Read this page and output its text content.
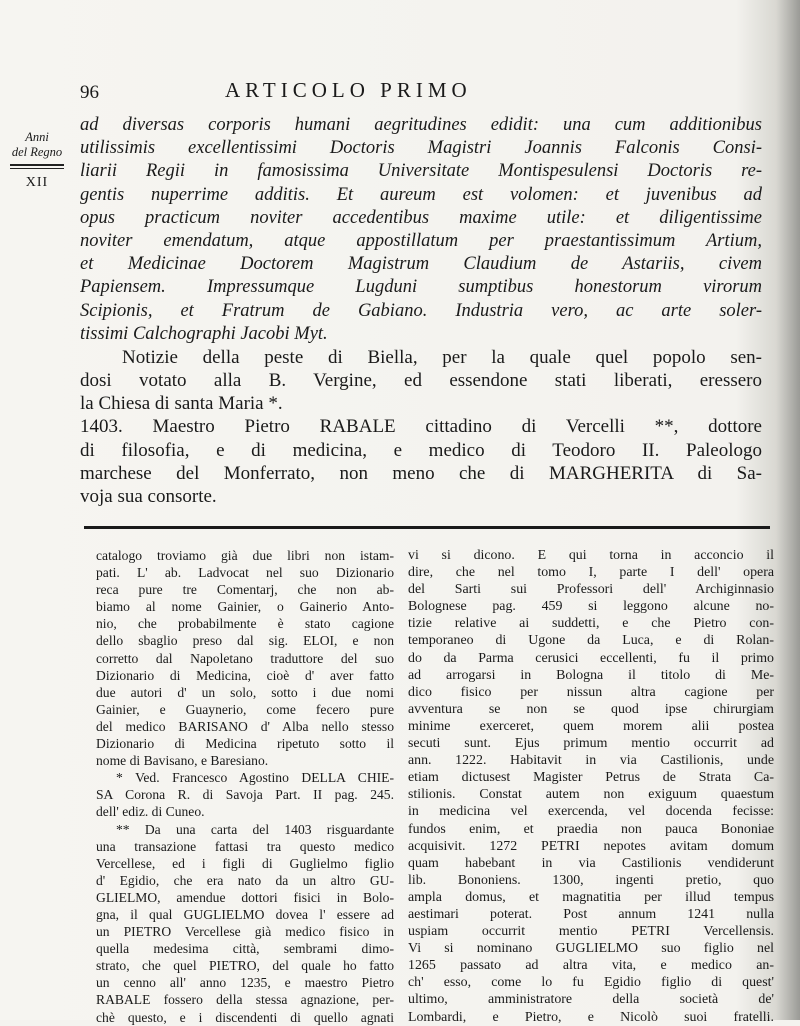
96	ARTICOLO PRIMO
Anni
del Regno
XII
ad diversas corporis humani aegritudines edidit: una cum additionibus
utilissimis excellentissimi Doctoris Magistri Joannis Falconis Consi-
liarii Regii in famosissima Universitate Montispesulensi Doctoris re-
gentis nuperrime additis. Et aureum est volomen: et juvenibus ad
opus practicum noviter accedentibus maxime utile: et diligentissime
noviter emendatum, atque appostillatum per praestantissimum Artium,
et Medicinae Doctorem Magistrum Claudium de Astariis, civem
Papiensem. Impressumque Lugduni sumptibus honestorum virorum
Scipionis, et Fratrum de Gabiano. Industria vero, ac arte soler-
tissimi Calchographi Jacobi Myt.
Notizie della peste di Biella, per la quale quel popolo sen-
dosi votato alla B. Vergine, ed essendone stati liberati, eressero
la Chiesa di santa Maria *.
1403. Maestro Pietro RABALE cittadino di Vercelli **, dottore
di filosofia, e di medicina, e medico di Teodoro II. Paleologo
marchese del Monferrato, non meno che di MARGHERITA di Sa-
voja sua consorte.
catalogo troviamo già due libri non istam-
pati. L' ab. Ladvocat nel suo Dizionario
reca pure tre Comentarj, che non ab-
biamo al nome Gainier, o Gainerio Anto-
nio, che probabilmente è stato cagione
dello sbaglio preso dal sig. ELOI, e non
corretto dal Napoletano traduttore del suo
Dizionario di Medicina, cioè d' aver fatto
due autori d' un solo, sotto i due nomi
Gainier, e Guaynerio, come fecero pure
del medico BARISANO d' Alba nello stesso
Dizionario di Medicina ripetuto sotto il
nome di Bavisano, e Baresiano.
* Ved. Francesco Agostino DELLA CHIE-
SA Corona R. di Savoja Part. II pag. 245.
dell' ediz. di Cuneo.
** Da una carta del 1403 risguardante
una transazione fattasi tra questo medico
Vercellese, ed i figli di Guglielmo figlio
d' Egidio, che era nato da un altro GU-
GLIELMO, amendue dottori fisici in Bolo-
gna, il qual GUGLIELMO dovea l' essere ad
un PIETRO Vercellese già medico fisico in
quella medesima città, sembrami dimo-
strato, che quel PIETRO, del quale ho fatto
un cenno all' anno 1235, e maestro Pietro
RABALE fossero della stessa agnazione, per-
chè questo, e i discendenti di quello agnati
vi si dicono. E qui torna in acconcio il
dire, che nel tomo I, parte I dell' opera
del Sarti sui Professori dell' Archiginnasio
Bolognese pag. 459 si leggono alcune no-
tizie relative ai suddetti, e che Pietro con-
temporaneo di Ugone da Luca, e di Rolan-
do da Parma cerusici eccellenti, fu il primo
ad arrogarsi in Bologna il titolo di Me-
dico fisico per nissun altra cagione per
avventura se non se quod ipse chirurgiam
minime exerceret, quem morem alii postea
secuti sunt. Ejus primum mentio occurrit ad
ann. 1222. Habitavit in via Castilionis, unde
etiam dictusest Magister Petrus de Strata Ca-
stilionis. Constat autem non exiguum quaestum
in medicina vel exercenda, vel docenda fecisse:
fundos enim, et praedia non pauca Bononiae
acquisivit. 1272 PETRI nepotes avitam domum
quam habebant in via Castilionis vendiderunt
lib. Bononiens. 1300, ingenti pretio, quo
ampla domus, et magnatitia per illud tempus
aestimari poterat. Post annum 1241 nulla
uspiam occurrit mentio PETRI Vercellensis.
Vi si nominano GUGLIELMO suo figlio nel
1265 passato ad altra vita, e medico an-
ch' esso, come lo fu Egidio figlio di quest'
ultimo, amministratore della società de'
Lombardi, e Pietro, e Nicolò suoi fratelli.
